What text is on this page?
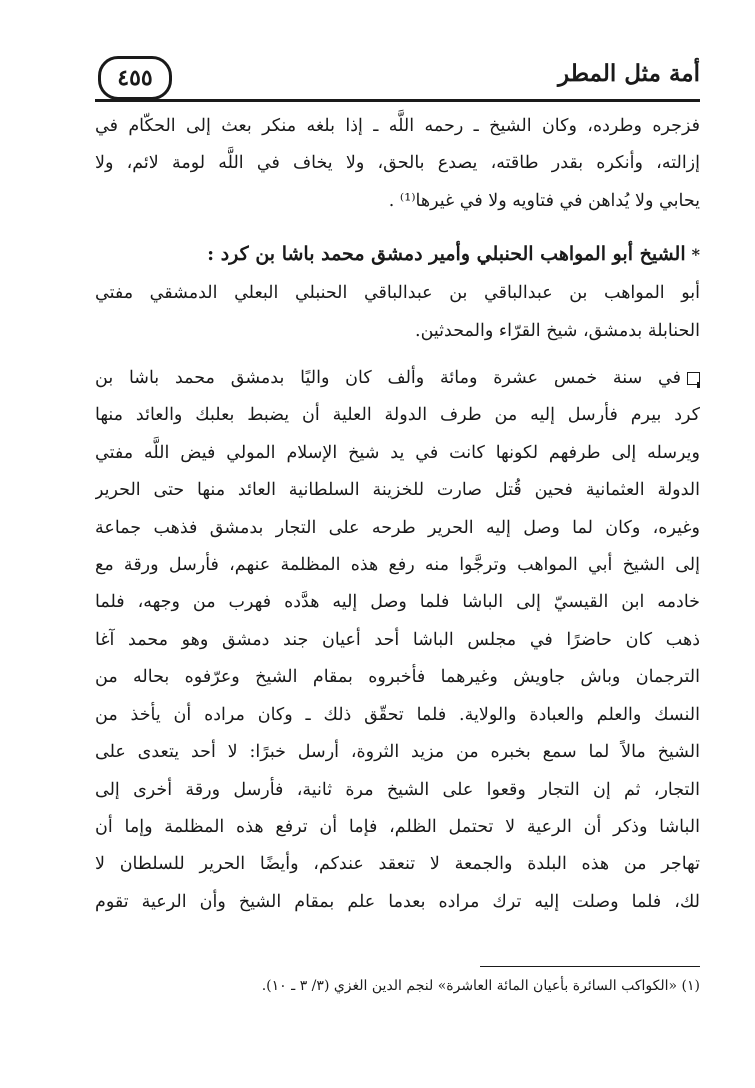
أمة مثل المطر
٤٥٥

فزجره وطرده، وكان الشيخ ـ رحمه اللَّه ـ إذا بلغه منكر بعث إلى الحكّام في

إزالته، وأنكره بقدر طاقته، يصدع بالحق، ولا يخاف في اللَّه لومة لائم، ولا

يحابي ولا يُداهن في فتاويه ولا في غيرها⁽¹⁾ .

*الشيخ أبو المواهب الحنبلي وأمير دمشق محمد باشا بن كرد :

أبو المواهب بن عبدالباقي بن عبدالباقي الحنبلي البعلي الدمشقي مفتي

الحنابلة بدمشق، شيخ القرّاء والمحدثين.

في سنة خمس عشرة ومائة وألف كان واليًا بدمشق محمد باشا بن

كرد بيرم فأرسل إليه من طرف الدولة العلية أن يضبط بعلبك والعائد منها

ويرسله إلى طرفهم لكونها كانت في يد شيخ الإسلام المولي فيض اللَّه مفتي

الدولة العثمانية فحين قُتل صارت للخزينة السلطانية العائد منها حتى الحرير

وغيره، وكان لما وصل إليه الحرير طرحه على التجار بدمشق فذهب جماعة

إلى الشيخ أبي المواهب وترجَّوا منه رفع هذه المظلمة عنهم، فأرسل ورقة مع

خادمه ابن القيسيّ إلى الباشا فلما وصل إليه هدَّده فهرب من وجهه، فلما

ذهب كان حاضرًا في مجلس الباشا أحد أعيان جند دمشق وهو محمد آغا

الترجمان وباش جاويش وغيرهما فأخبروه بمقام الشيخ وعرّفوه بحاله من

النسك والعلم والعبادة والولاية. فلما تحقّق ذلك ـ وكان مراده أن يأخذ من

الشيخ مالاً لما سمع بخبره من مزيد الثروة، أرسل خبرًا: لا أحد يتعدى على

التجار، ثم إن التجار وقعوا على الشيخ مرة ثانية، فأرسل ورقة أخرى إلى

الباشا وذكر أن الرعية لا تحتمل الظلم، فإما أن ترفع هذه المظلمة وإما أن

تهاجر من هذه البلدة والجمعة لا تنعقد عندكم، وأيضًا الحرير للسلطان لا

لك، فلما وصلت إليه ترك مراده بعدما علم بمقام الشيخ وأن الرعية تقوم

(١) «الكواكب السائرة بأعيان المائة العاشرة» لنجم الدين الغزي (٣/ ٣ ـ ١٠).
